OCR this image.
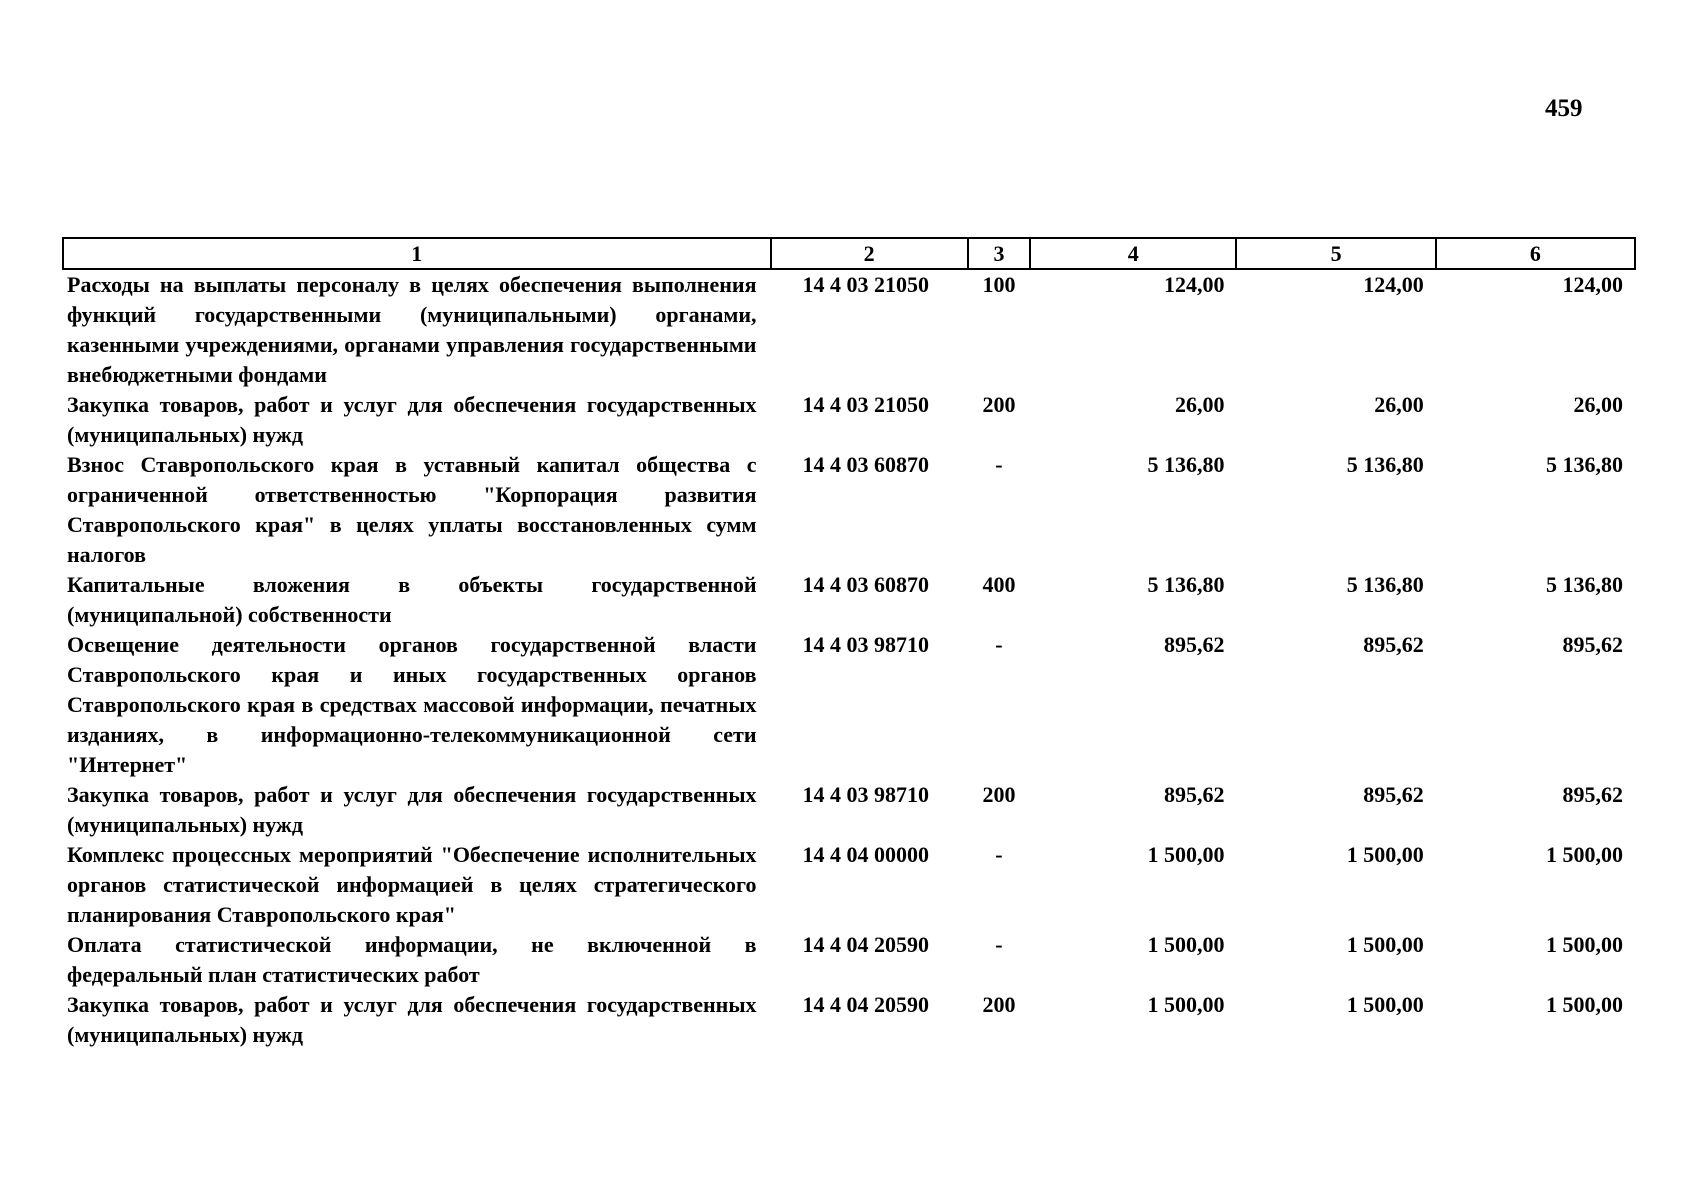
459
1	2	3	4	5	6
Расходы на выплаты персоналу в целях обеспечения выполнения функций государственными (муниципальными) органами, казенными учреждениями, органами управления государственными внебюджетными фондами	14 4 03 21050	100	124,00	124,00	124,00
Закупка товаров, работ и услуг для обеспечения государственных (муниципальных) нужд	14 4 03 21050	200	26,00	26,00	26,00
Взнос Ставропольского края в уставный капитал общества с ограниченной ответственностью "Корпорация развития Ставропольского края" в целях уплаты восстановленных сумм налогов	14 4 03 60870	-	5 136,80	5 136,80	5 136,80
Капитальные вложения в объекты государственной (муниципальной) собственности	14 4 03 60870	400	5 136,80	5 136,80	5 136,80
Освещение деятельности органов государственной власти Ставропольского края и иных государственных органов Ставропольского края в средствах массовой информации, печатных изданиях, в информационно-телекоммуникационной сети "Интернет"	14 4 03 98710	-	895,62	895,62	895,62
Закупка товаров, работ и услуг для обеспечения государственных (муниципальных) нужд	14 4 03 98710	200	895,62	895,62	895,62
Комплекс процессных мероприятий "Обеспечение исполнительных органов статистической информацией в целях стратегического планирования Ставропольского края"	14 4 04 00000	-	1 500,00	1 500,00	1 500,00
Оплата статистической информации, не включенной в федеральный план статистических работ	14 4 04 20590	-	1 500,00	1 500,00	1 500,00
Закупка товаров, работ и услуг для обеспечения государственных (муниципальных) нужд	14 4 04 20590	200	1 500,00	1 500,00	1 500,00
